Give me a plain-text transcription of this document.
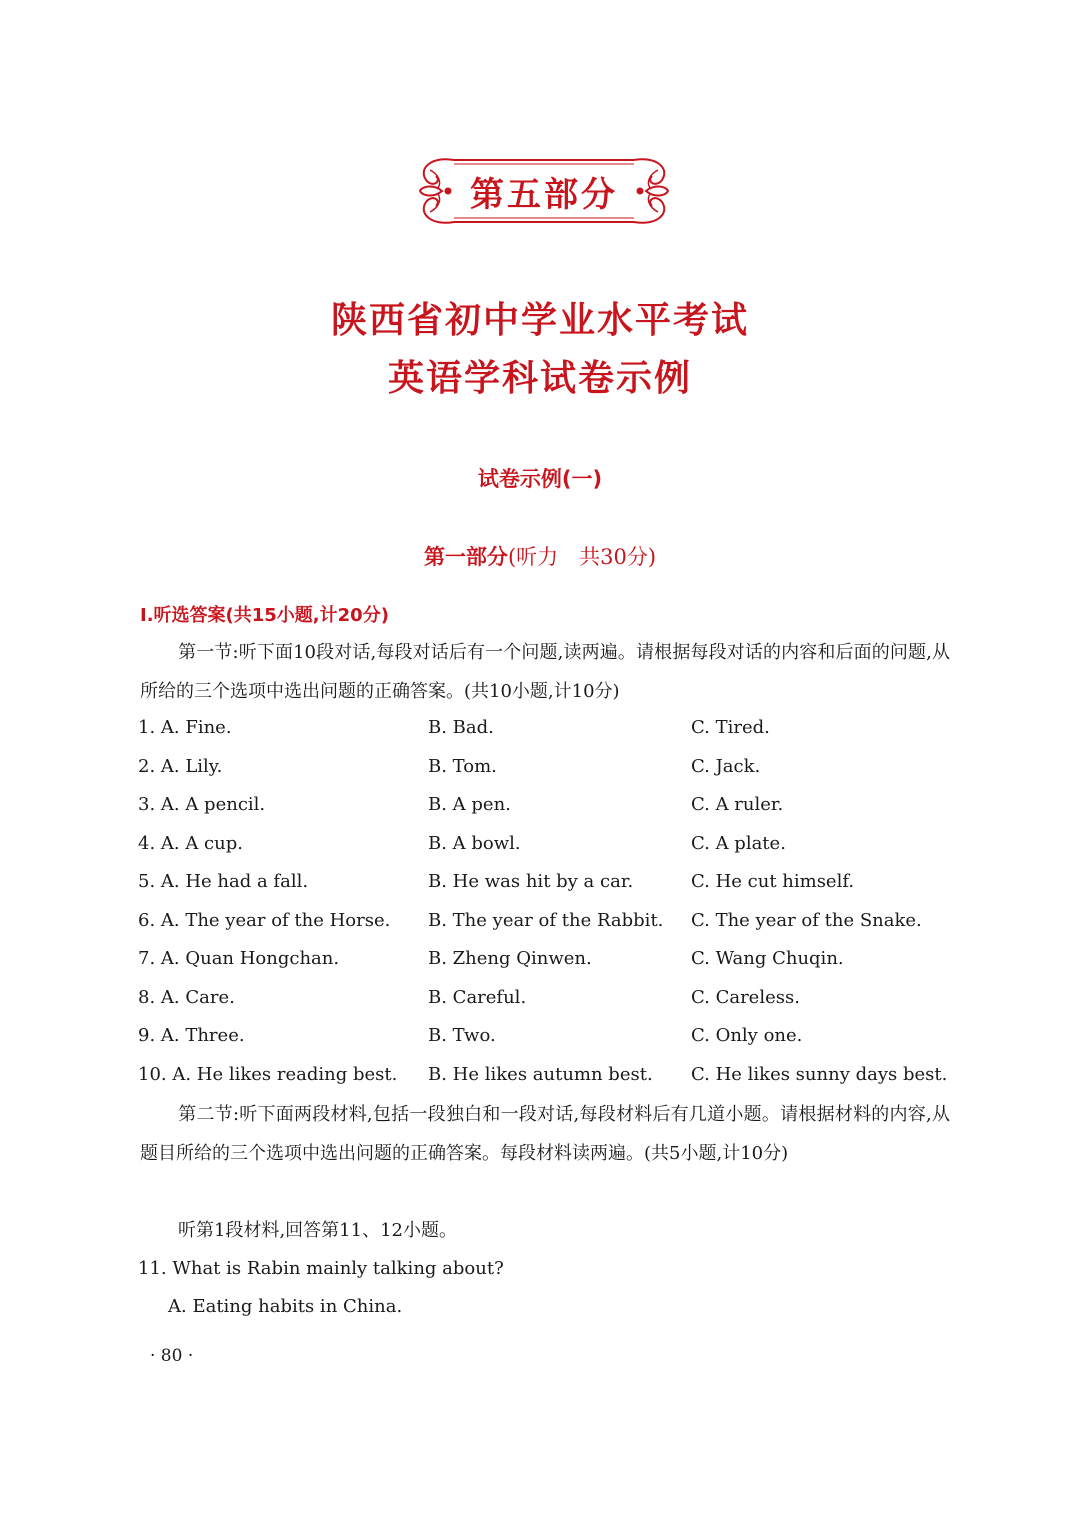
第五部分
陕西省初中学业水平考试
英语学科试卷示例
试卷示例(一)
第一部分(听力　共30分)
Ⅰ.听选答案(共15小题,计20分)
第一节:听下面10段对话,每段对话后有一个问题,读两遍。请根据每段对话的内容和后面的问题,从所给的三个选项中选出问题的正确答案。(共10小题,计10分)
1. A. Fine.	B. Bad.	C. Tired.
2. A. Lily.	B. Tom.	C. Jack.
3. A. A pencil.	B. A pen.	C. A ruler.
4. A. A cup.	B. A bowl.	C. A plate.
5. A. He had a fall.	B. He was hit by a car.	C. He cut himself.
6. A. The year of the Horse. B. The year of the Rabbit. C. The year of the Snake.
7. A. Quan Hongchan.	B. Zheng Qinwen.	C. Wang Chuqin.
8. A. Care.	B. Careful.	C. Careless.
9. A. Three.	B. Two.	C. Only one.
10. A. He likes reading best. B. He likes autumn best. C. He likes sunny days best.
第二节:听下面两段材料,包括一段独白和一段对话,每段材料后有几道小题。请根据材料的内容,从题目所给的三个选项中选出问题的正确答案。每段材料读两遍。(共5小题,计10分)
听第1段材料,回答第11、12小题。
11. What is Rabin mainly talking about?
A. Eating habits in China.
· 80 ·
